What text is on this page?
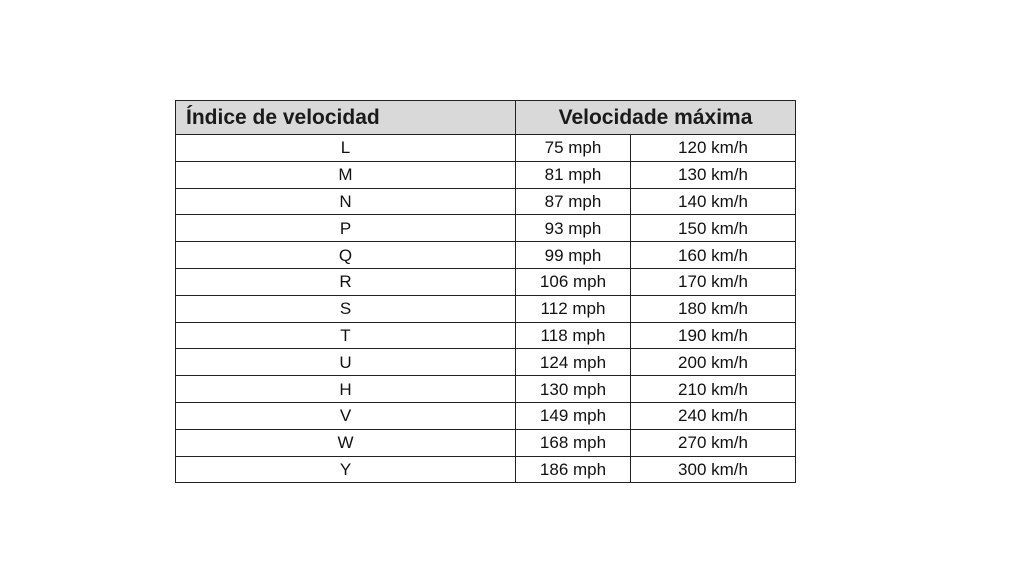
Índice de velocidad	Velocidade máxima	
L	75 mph	120 km/h
M	81 mph	130 km/h
N	87 mph	140 km/h
P	93 mph	150 km/h
Q	99 mph	160 km/h
R	106 mph	170 km/h
S	112 mph	180 km/h
T	118 mph	190 km/h
U	124 mph	200 km/h
H	130 mph	210 km/h
V	149 mph	240 km/h
W	168 mph	270 km/h
Y	186 mph	300 km/h
